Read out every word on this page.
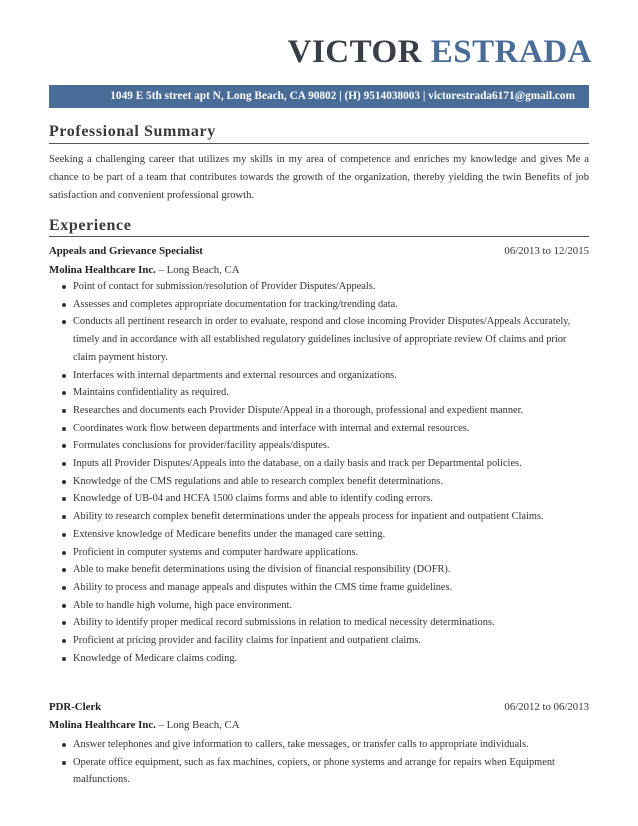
VICTOR ESTRADA
1049 E 5th street apt N, Long Beach, CA 90802 | (H) 9514038003 | victorestrada6171@gmail.com
Professional Summary
Seeking a challenging career that utilizes my skills in my area of competence and enriches my knowledge and gives Me a chance to be part of a team that contributes towards the growth of the organization, thereby yielding the twin Benefits of job satisfaction and convenient professional growth.
Experience
Appeals and Grievance Specialist	06/2013 to 12/2015
Molina Healthcare Inc. – Long Beach, CA
Point of contact for submission/resolution of Provider Disputes/Appeals.
Assesses and completes appropriate documentation for tracking/trending data.
Conducts all pertinent research in order to evaluate, respond and close incoming Provider Disputes/Appeals Accurately, timely and in accordance with all established regulatory guidelines inclusive of appropriate review Of claims and prior claim payment history.
Interfaces with internal departments and external resources and organizations.
Maintains confidentiality as required.
Researches and documents each Provider Dispute/Appeal in a thorough, professional and expedient manner.
Coordinates work flow between departments and interface with internal and external resources.
Formulates conclusions for provider/facility appeals/disputes.
Inputs all Provider Disputes/Appeals into the database, on a daily basis and track per Departmental policies.
Knowledge of the CMS regulations and able to research complex benefit determinations.
Knowledge of UB-04 and HCFA 1500 claims forms and able to identify coding errors.
Ability to research complex benefit determinations under the appeals process for inpatient and outpatient Claims.
Extensive knowledge of Medicare benefits under the managed care setting.
Proficient in computer systems and computer hardware applications.
Able to make benefit determinations using the division of financial responsibility (DOFR).
Ability to process and manage appeals and disputes within the CMS time frame guidelines.
Able to handle high volume, high pace environment.
Ability to identify proper medical record submissions in relation to medical necessity determinations.
Proficient at pricing provider and facility claims for inpatient and outpatient claims.
Knowledge of Medicare claims coding.
PDR-Clerk	06/2012 to 06/2013
Molina Healthcare Inc. – Long Beach, CA
Answer telephones and give information to callers, take messages, or transfer calls to appropriate individuals.
Operate office equipment, such as fax machines, copiers, or phone systems and arrange for repairs when Equipment malfunctions.
